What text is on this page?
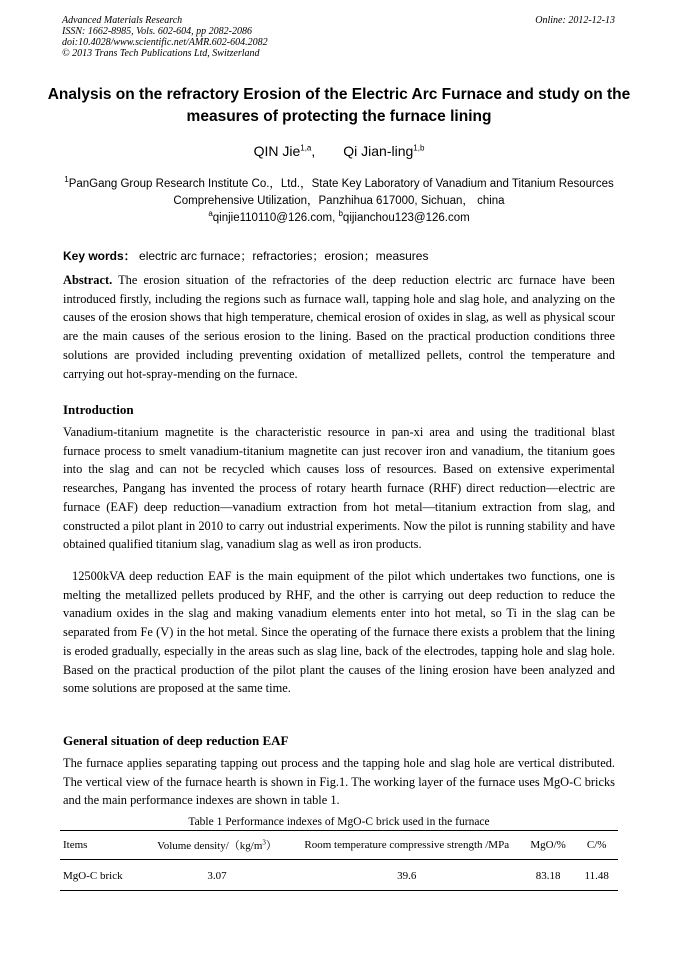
Advanced Materials Research
ISSN: 1662-8985, Vols. 602-604, pp 2082-2086
doi:10.4028/www.scientific.net/AMR.602-604.2082
© 2013 Trans Tech Publications Ltd, Switzerland
Online: 2012-12-13
Analysis on the refractory Erosion of the Electric Arc Furnace and study on the measures of protecting the furnace lining
QIN Jie$^{1,a}$, Qi Jian-ling$^{1,b}$
$^1$PanGang Group Research Institute Co.，Ltd.，State Key Laboratory of Vanadium and Titanium Resources Comprehensive Utilization，Panzhihua 617000, Sichuan， china
$^a$qinjie110110@126.com, $^b$qijianchou123@126.com
Key words： electric arc furnace；refractories；erosion；measures
Abstract. The erosion situation of the refractories of the deep reduction electric arc furnace have been introduced firstly, including the regions such as furnace wall, tapping hole and slag hole, and analyzing on the causes of the erosion shows that high temperature, chemical erosion of oxides in slag, as well as physical scour are the main causes of the serious erosion to the lining. Based on the practical production conditions three solutions are provided including preventing oxidation of metallized pellets, control the temperature and carrying out hot-spray-mending on the furnace.
Introduction
Vanadium-titanium magnetite is the characteristic resource in pan-xi area and using the traditional blast furnace process to smelt vanadium-titanium magnetite can just recover iron and vanadium, the titanium goes into the slag and can not be recycled which causes loss of resources. Based on extensive experimental researches, Pangang has invented the process of rotary hearth furnace (RHF) direct reduction—electric are furnace (EAF) deep reduction—vanadium extraction from hot metal—titanium extraction from slag, and constructed a pilot plant in 2010 to carry out industrial experiments. Now the pilot is running stability and have obtained qualified titanium slag, vanadium slag as well as iron products.
12500kVA deep reduction EAF is the main equipment of the pilot which undertakes two functions, one is melting the metallized pellets produced by RHF, and the other is carrying out deep reduction to reduce the vanadium oxides in the slag and making vanadium elements enter into hot metal, so Ti in the slag can be separated from Fe (V) in the hot metal. Since the operating of the furnace there exists a problem that the lining is eroded gradually, especially in the areas such as slag line, back of the electrodes, tapping hole and slag hole. Based on the practical production of the pilot plant the causes of the lining erosion have been analyzed and some solutions are proposed at the same time.
General situation of deep reduction EAF
The furnace applies separating tapping out process and the tapping hole and slag hole are vertical distributed. The vertical view of the furnace hearth is shown in Fig.1. The working layer of the furnace uses MgO-C bricks and the main performance indexes are shown in table 1.
Table 1 Performance indexes of MgO-C brick used in the furnace
Items	Volume density/$(kg/m^3)$	Room temperature compressive strength /MPa	MgO/%	C/%
MgO-C brick	3.07	39.6	83.18	11.48
